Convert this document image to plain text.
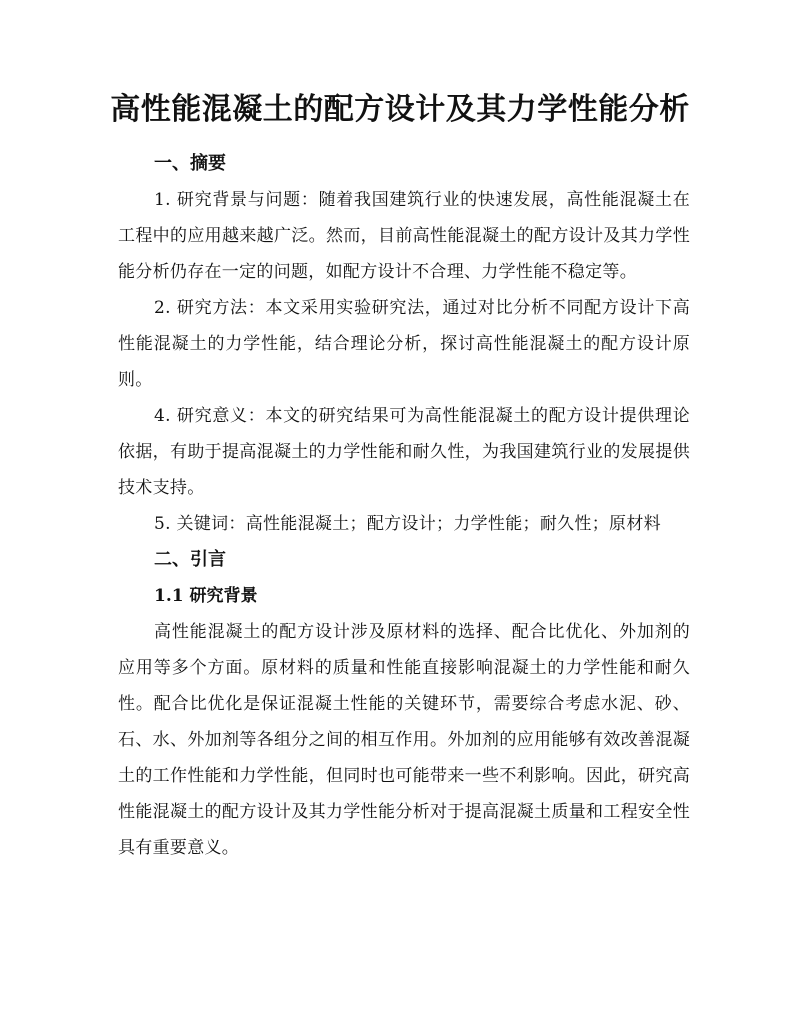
高性能混凝土的配方设计及其力学性能分析
一、摘要

1. 研究背景与问题：随着我国建筑行业的快速发展，高性能混凝土在工程中的应用越来越广泛。然而，目前高性能混凝土的配方设计及其力学性能分析仍存在一定的问题，如配方设计不合理、力学性能不稳定等。

2. 研究方法：本文采用实验研究法，通过对比分析不同配方设计下高性能混凝土的力学性能，结合理论分析，探讨高性能混凝土的配方设计原则。

4. 研究意义：本文的研究结果可为高性能混凝土的配方设计提供理论依据，有助于提高混凝土的力学性能和耐久性，为我国建筑行业的发展提供技术支持。

5. 关键词：高性能混凝土；配方设计；力学性能；耐久性；原材料

二、引言
1.1 研究背景

高性能混凝土的配方设计涉及原材料的选择、配合比优化、外加剂的应用等多个方面。原材料的质量和性能直接影响混凝土的力学性能和耐久性。配合比优化是保证混凝土性能的关键环节，需要综合考虑水泥、砂、石、水、外加剂等各组分之间的相互作用。外加剂的应用能够有效改善混凝土的工作性能和力学性能，但同时也可能带来一些不利影响。因此，研究高性能混凝土的配方设计及其力学性能分析对于提高混凝土质量和工程安全性具有重要意义。
